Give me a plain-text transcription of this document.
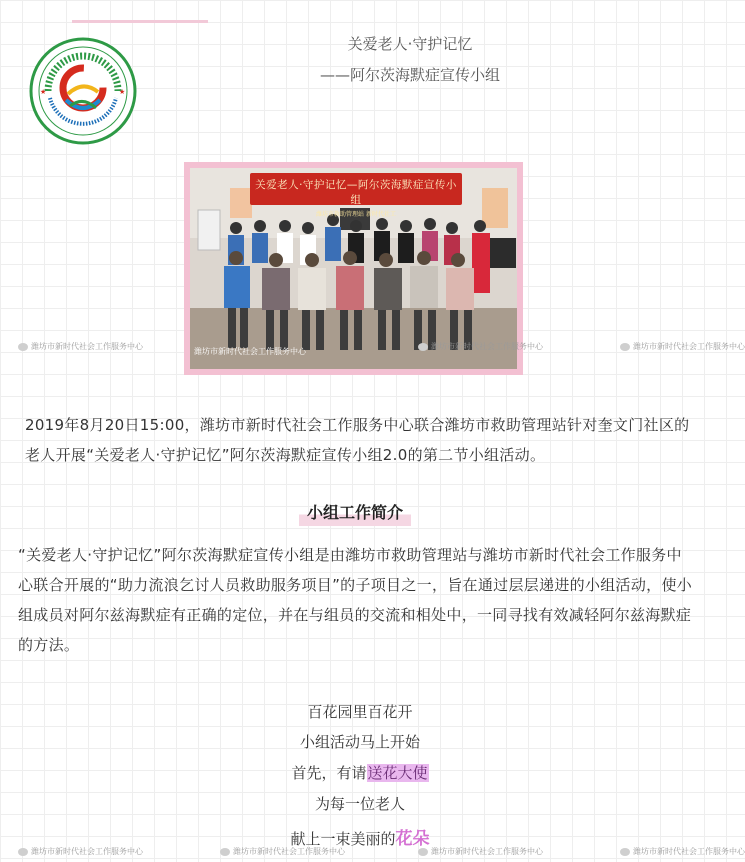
★	★
关爱老人·守护记忆
——阿尔茨海默症宣传小组
关爱老人·守护记忆—阿尔茨海默症宣传小组
潍坊市救助管理站 新时代社工
潍坊市新时代社会工作服务中心
潍坊市新时代社会工作服务中心	潍坊市新时代社会工作服务中心	潍坊市新时代社会工作服务中心
潍坊市新时代社会工作服务中心	潍坊市新时代社会工作服务中心	潍坊市新时代社会工作服务中心	潍坊市新时代社会工作服务中心
2019年8月20日15:00，潍坊市新时代社会工作服务中心联合潍坊市救助管理站针对奎文门社区的老人开展“关爱老人·守护记忆”阿尔茨海默症宣传小组2.0的第二节小组活动。
小组工作简介
“关爱老人·守护记忆”阿尔茨海默症宣传小组是由潍坊市救助管理站与潍坊市新时代社会工作服务中心联合开展的“助力流浪乞讨人员救助服务项目”的子项目之一，旨在通过层层递进的小组活动，使小组成员对阿尔兹海默症有正确的定位，并在与组员的交流和相处中，一同寻找有效减轻阿尔兹海默症的方法。
百花园里百花开
小组活动马上开始
首先，有请送花大使
为每一位老人
献上一束美丽的花朵
